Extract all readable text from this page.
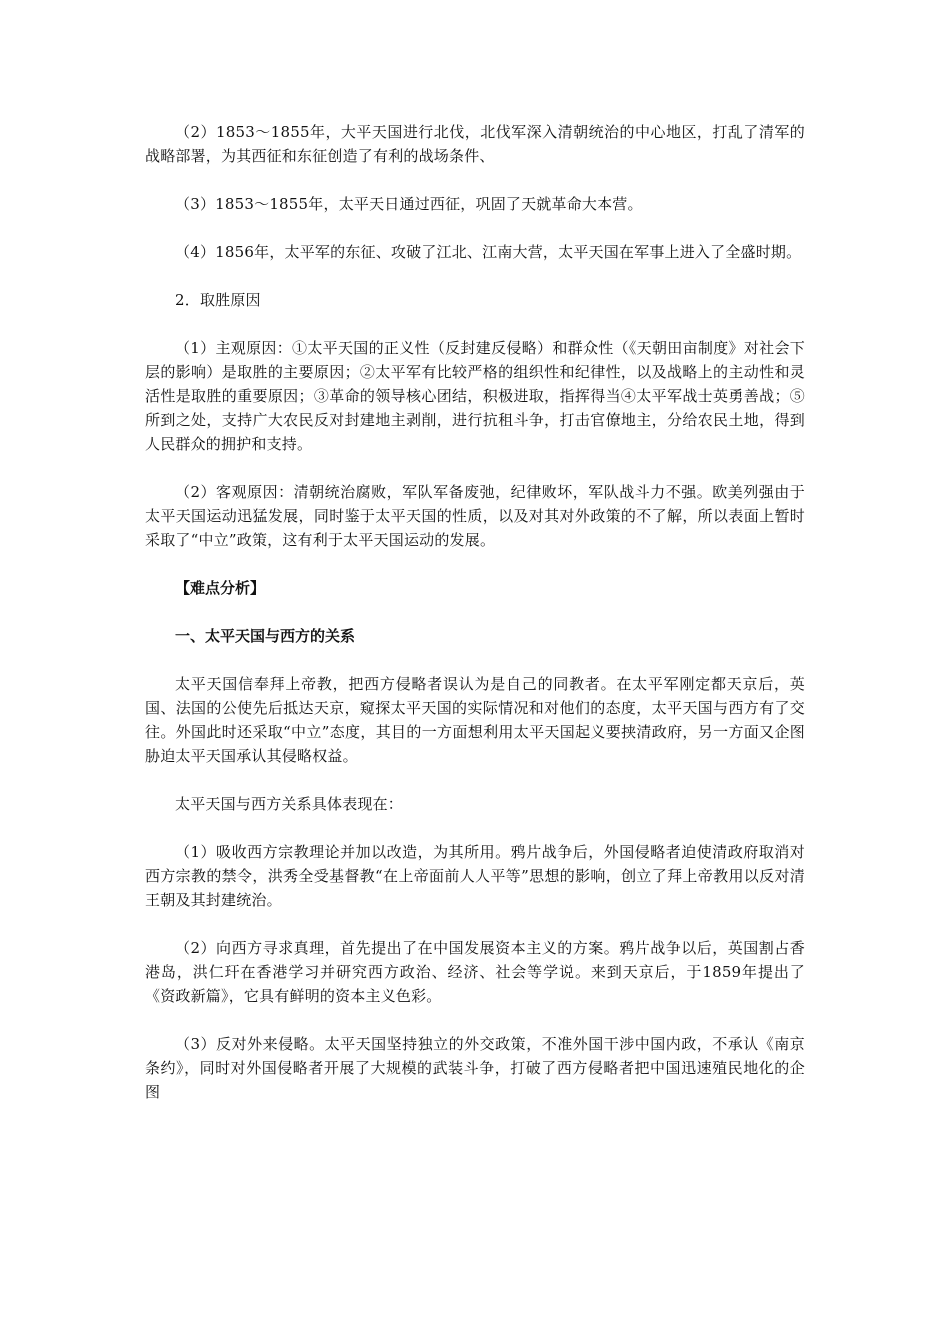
（2）1853～1855年，大平天国进行北伐，北伐军深入清朝统治的中心地区，打乱了清军的战略部署，为其西征和东征创造了有利的战场条件、

（3）1853～1855年，太平天日通过西征，巩固了天就革命大本营。

（4）1856年，太平军的东征、攻破了江北、江南大营，太平天国在军事上进入了全盛时期。

2．取胜原因

（1）主观原因：①太平天国的正义性（反封建反侵略）和群众性（《天朝田亩制度》对社会下层的影响）是取胜的主要原因；②太平军有比较严格的组织性和纪律性，以及战略上的主动性和灵活性是取胜的重要原因；③革命的领导核心团结，积极进取，指挥得当④太平军战士英勇善战；⑤所到之处，支持广大农民反对封建地主剥削，进行抗租斗争，打击官僚地主，分给农民土地，得到人民群众的拥护和支持。

（2）客观原因：清朝统治腐败，军队军备废弛，纪律败坏，军队战斗力不强。欧美列强由于太平天国运动迅猛发展，同时鉴于太平天国的性质，以及对其对外政策的不了解，所以表面上暂时采取了“中立”政策，这有利于太平天国运动的发展。

【难点分析】

一、太平天国与西方的关系

太平天国信奉拜上帝教，把西方侵略者误认为是自己的同教者。在太平军刚定都天京后，英国、法国的公使先后抵达天京，窥探太平天国的实际情况和对他们的态度，太平天国与西方有了交往。外国此时还采取“中立”态度，其目的一方面想利用太平天国起义要挟清政府，另一方面又企图胁迫太平天国承认其侵略权益。

太平天国与西方关系具体表现在：

（1）吸收西方宗教理论并加以改造，为其所用。鸦片战争后，外国侵略者迫使清政府取消对西方宗教的禁令，洪秀全受基督教“在上帝面前人人平等”思想的影响，创立了拜上帝教用以反对清王朝及其封建统治。

（2）向西方寻求真理，首先提出了在中国发展资本主义的方案。鸦片战争以后，英国割占香港岛，洪仁玕在香港学习并研究西方政治、经济、社会等学说。来到天京后，于1859年提出了《资政新篇》，它具有鲜明的资本主义色彩。

（3）反对外来侵略。太平天国坚持独立的外交政策，不准外国干涉中国内政，不承认《南京条约》，同时对外国侵略者开展了大规模的武装斗争，打破了西方侵略者把中国迅速殖民地化的企图
